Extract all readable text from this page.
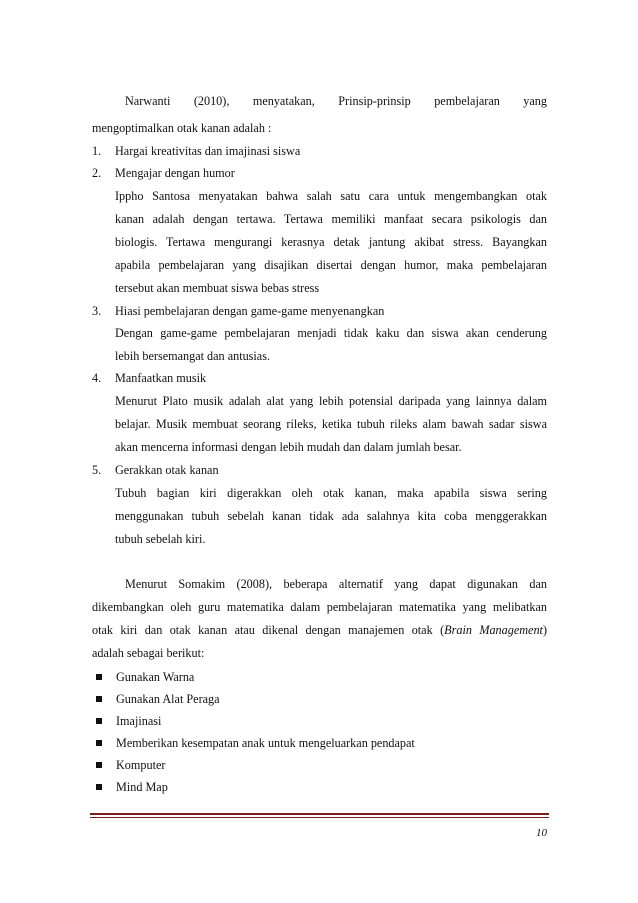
Narwanti (2010), menyatakan, Prinsip-prinsip pembelajaran yang
mengoptimalkan otak kanan adalah :
1. Hargai kreativitas dan imajinasi siswa
2. Mengajar dengan humor
Ippho Santosa menyatakan bahwa salah satu cara untuk mengembangkan otak
kanan adalah dengan tertawa. Tertawa memiliki manfaat secara psikologis dan
biologis. Tertawa mengurangi kerasnya detak jantung akibat stress. Bayangkan
apabila pembelajaran yang disajikan disertai dengan humor, maka pembelajaran
tersebut akan membuat siswa bebas stress
3. Hiasi pembelajaran dengan game-game menyenangkan
Dengan game-game pembelajaran menjadi tidak kaku dan siswa akan cenderung
lebih bersemangat dan antusias.
4. Manfaatkan musik
Menurut Plato musik adalah alat yang lebih potensial daripada yang lainnya dalam
belajar. Musik membuat seorang rileks, ketika tubuh rileks alam bawah sadar siswa
akan mencerna informasi dengan lebih mudah dan dalam jumlah besar.
5. Gerakkan otak kanan
Tubuh bagian kiri digerakkan oleh otak kanan, maka apabila siswa sering
menggunakan tubuh sebelah kanan tidak ada salahnya kita coba menggerakkan
tubuh sebelah kiri.
Menurut Somakim (2008), beberapa alternatif yang dapat digunakan dan
dikembangkan oleh guru matematika dalam pembelajaran matematika yang melibatkan
otak kiri dan otak kanan atau dikenal dengan manajemen otak (Brain Management)
adalah sebagai berikut:
Gunakan Warna
Gunakan Alat Peraga
Imajinasi
Memberikan kesempatan anak untuk mengeluarkan pendapat
Komputer
Mind Map
10
